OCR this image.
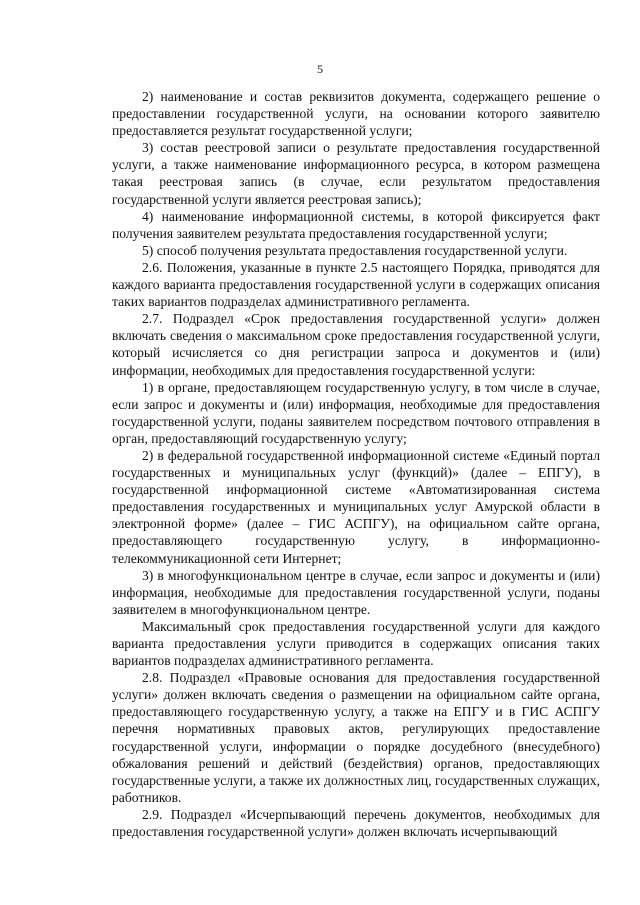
5

2) наименование и состав реквизитов документа, содержащего решение о предоставлении государственной услуги, на основании которого заявителю предоставляется результат государственной услуги;

3) состав реестровой записи о результате предоставления государственной услуги, а также наименование информационного ресурса, в котором размещена такая реестровая запись (в случае, если результатом предоставления государственной услуги является реестровая запись);

4) наименование информационной системы, в которой фиксируется факт получения заявителем результата предоставления государственной услуги;

5) способ получения результата предоставления государственной услуги.

2.6. Положения, указанные в пункте 2.5 настоящего Порядка, приводятся для каждого варианта предоставления государственной услуги в содержащих описания таких вариантов подразделах административного регламента.

2.7. Подраздел «Срок предоставления государственной услуги» должен включать сведения о максимальном сроке предоставления государственной услуги, который исчисляется со дня регистрации запроса и документов и (или) информации, необходимых для предоставления государственной услуги:

1) в органе, предоставляющем государственную услугу, в том числе в случае, если запрос и документы и (или) информация, необходимые для предоставления государственной услуги, поданы заявителем посредством почтового отправления в орган, предоставляющий государственную услугу;

2) в федеральной государственной информационной системе «Единый портал государственных и муниципальных услуг (функций)» (далее – ЕПГУ), в государственной информационной системе «Автоматизированная система предоставления государственных и муниципальных услуг Амурской области в электронной форме» (далее – ГИС АСПГУ), на официальном сайте органа, предоставляющего государственную услугу, в информационно-телекоммуникационной сети Интернет;

3) в многофункциональном центре в случае, если запрос и документы и (или) информация, необходимые для предоставления государственной услуги, поданы заявителем в многофункциональном центре.

Максимальный срок предоставления государственной услуги для каждого варианта предоставления услуги приводится в содержащих описания таких вариантов подразделах административного регламента.

2.8. Подраздел «Правовые основания для предоставления государственной услуги» должен включать сведения о размещении на официальном сайте органа, предоставляющего государственную услугу, а также на ЕПГУ и в ГИС АСПГУ перечня нормативных правовых актов, регулирующих предоставление государственной услуги, информации о порядке досудебного (внесудебного) обжалования решений и действий (бездействия) органов, предоставляющих государственные услуги, а также их должностных лиц, государственных служащих, работников.

2.9. Подраздел «Исчерпывающий перечень документов, необходимых для предоставления государственной услуги» должен включать исчерпывающий
